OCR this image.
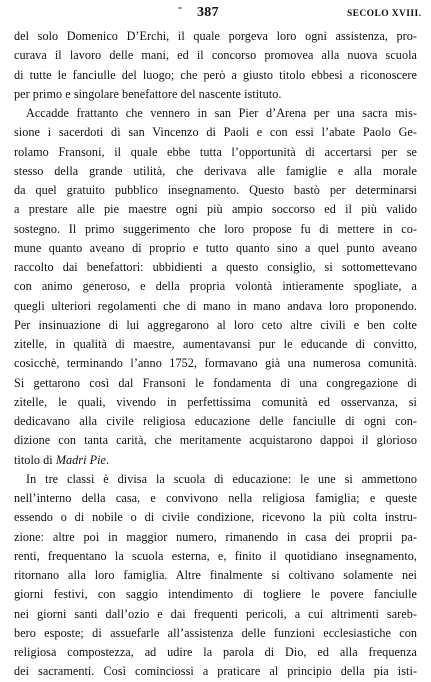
- 387	SECOLO XVIII.
del solo Domenico D’Erchi, il quale porgeva loro ogni assistenza, pro-
curava il lavoro delle mani, ed il concorso promovea alla nuova scuola
di tutte le fanciulle del luogo; che però a giusto titolo ebbesi a riconoscere
per primo e singolare benefattore del nascente istituto.
Accadde frattanto che vennero in san Pier d’Arena per una sacra mis-
sione i sacerdoti di san Vincenzo di Paoli e con essi l’abate Paolo Ge-
rolamo Fransoni, il quale ebbe tutta l’opportunità di accertarsi per se
stesso della grande utilità, che derivava alle famiglie e alla morale
da quel gratuito pubblico insegnamento. Questo bastò per determinarsi
a prestare alle pie maestre ogni più ampio soccorso ed il più valido
sostegno. Il primo suggerimento che loro propose fu di mettere in co-
mune quanto aveano di proprio e tutto quanto sino a quel punto aveano
raccolto dai benefattori: ubbidienti a questo consiglio, si sottomettevano
con animo generoso, e della propria volontà intieramente spogliate, a
quegli ulteriori regolamenti che di mano in mano andava loro proponendo.
Per insinuazione di lui aggregarono al loro ceto altre civili e ben colte
zitelle, in qualità di maestre, aumentavansi pur le educande di convitto,
cosicchè, terminando l’anno 1752, formavano già una numerosa comunità.
Si gettarono così dal Fransoni le fondamenta di una congregazione di
zitelle, le quali, vivendo in perfettissima comunità ed osservanza, si
dedicavano alla civile religiosa educazione delle fanciulle di ogni con-
dizione con tanta carità, che meritamente acquistarono dappoi il glorioso
titolo di Madri Pie.
In tre classi è divisa la scuola di educazione: le une si ammettono
nell’interno della casa, e convivono nella religiosa famiglia; e queste
essendo o di nobile o di civile condizione, ricevono la più colta instru-
zione: altre poi in maggior numero, rimanendo in casa dei proprii pa-
renti, frequentano la scuola esterna, e, finito il quotidiano insegnamento,
ritornano alla loro famiglia. Altre finalmente si coltivano solamente nei
giorni festivi, con saggio intendimento di togliere le povere fanciulle
nei giorni santi dall’ozio e dai frequenti pericoli, a cui altrimenti sareb-
bero esposte; di assuefarle all’assistenza delle funzioni ecclesiastiche con
religiosa compostezza, ad udire la parola di Dio, ed alla frequenza
dei sacramenti. Così cominciossi a praticare al principio della pia isti-
